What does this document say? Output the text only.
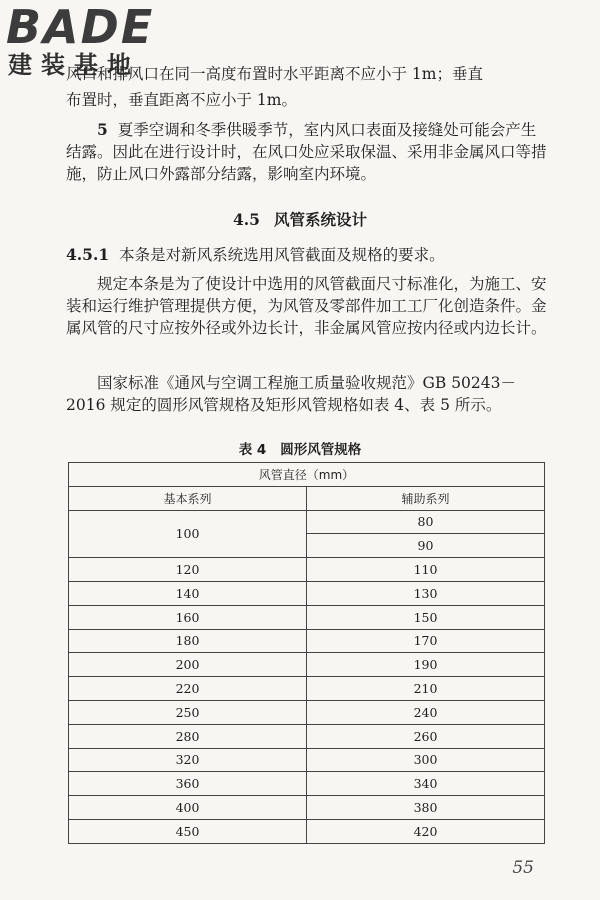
BADE
建装基地
风口和排风口在同一高度布置时水平距离不应小于 1m；垂直
布置时，垂直距离不应小于 1m。

5 夏季空调和冬季供暖季节，室内风口表面及接缝处可能会产生结露。因此在进行设计时，在风口处应采取保温、采用非金属风口等措施，防止风口外露部分结露，影响室内环境。

4.5 风管系统设计

4.5.1 本条是对新风系统选用风管截面及规格的要求。

规定本条是为了使设计中选用的风管截面尺寸标准化，为施工、安装和运行维护管理提供方便，为风管及零部件加工工厂化创造条件。金属风管的尺寸应按外径或外边长计，非金属风管应按内径或内边长计。

国家标准《通风与空调工程施工质量验收规范》GB 50243－2016 规定的圆形风管规格及矩形风管规格如表 4、表 5 所示。

表 4 圆形风管规格
风管直径（mm）	
基本系列	辅助系列
100	80
	90
120	110
140	130
160	150
180	170
200	190
220	210
250	240
280	260
320	300
360	340
400	380
450	420
55
